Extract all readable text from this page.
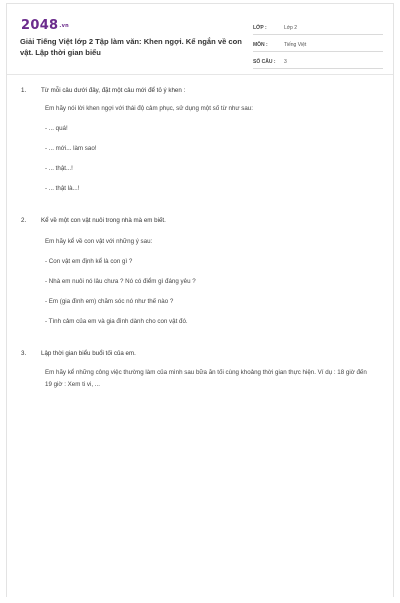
2048.vn
Giải Tiếng Việt lớp 2 Tập làm văn: Khen ngợi. Kể ngắn về con vật. Lập thời gian biểu
LỚP :	Lớp 2
MÔN :	Tiếng Việt
SỐ CÂU :	3
1. Từ mỗi câu dưới đây, đặt một câu mới để tỏ ý khen :
Em hãy nói lời khen ngợi với thái độ cảm phục, sử dụng một số từ như sau:
- ... quá!
- ... mới... làm sao!
- ... thật...!
- ... thật là...!
2. Kể về một con vật nuôi trong nhà mà em biết.
Em hãy kể về con vật với những ý sau:
- Con vật em định kể là con gì ?
- Nhà em nuôi nó lâu chưa ? Nó có điểm gì đáng yêu ?
- Em (gia đình em) chăm sóc nó như thế nào ?
- Tình cảm của em và gia đình dành cho con vật đó.
3. Lập thời gian biểu buổi tối của em.
Em hãy kể những công việc thường làm của mình sau bữa ăn tối cùng khoảng thời gian thực hiện. Ví dụ : 18 giờ đến 19 giờ : Xem ti vi, ...
